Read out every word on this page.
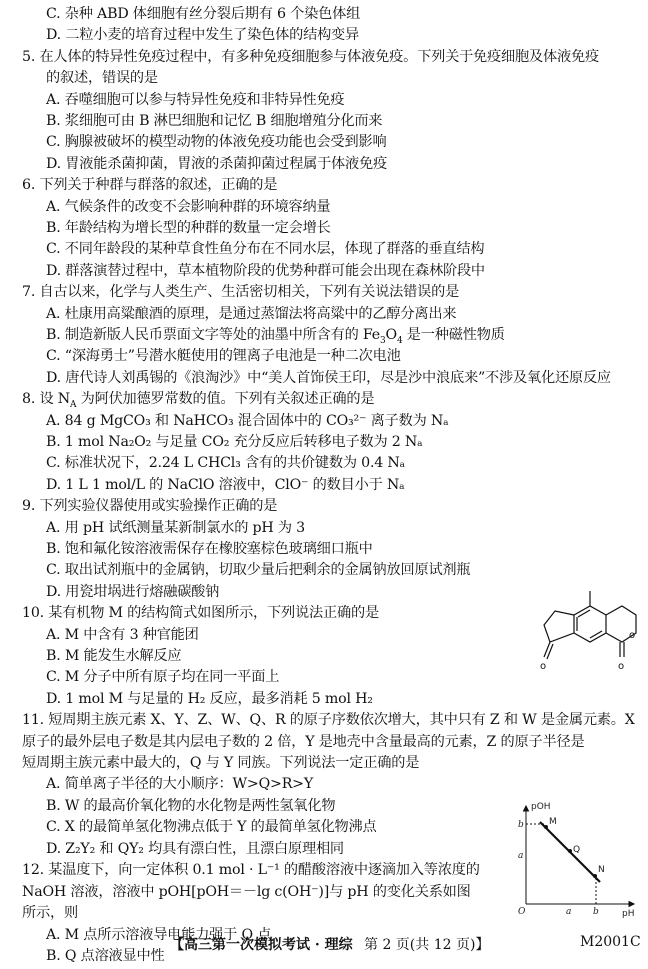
C. 杂种 ABD 体细胞有丝分裂后期有 6 个染色体组
D. 二粒小麦的培育过程中发生了染色体的结构变异
5. 在人体的特异性免疫过程中，有多种免疫细胞参与体液免疫。下列关于免疫细胞及体液免疫
的叙述，错误的是
A. 吞噬细胞可以参与特异性免疫和非特异性免疫
B. 浆细胞可由 B 淋巴细胞和记忆 B 细胞增殖分化而来
C. 胸腺被破坏的模型动物的体液免疫功能也会受到影响
D. 胃液能杀菌抑菌，胃液的杀菌抑菌过程属于体液免疫
6. 下列关于种群与群落的叙述，正确的是
A. 气候条件的改变不会影响种群的环境容纳量
B. 年龄结构为增长型的种群的数量一定会增长
C. 不同年龄段的某种草食性鱼分布在不同水层，体现了群落的垂直结构
D. 群落演替过程中，草本植物阶段的优势种群可能会出现在森林阶段中
7. 自古以来，化学与人类生产、生活密切相关，下列有关说法错误的是
A. 杜康用高粱酿酒的原理，是通过蒸馏法将高粱中的乙醇分离出来
B. 制造新版人民币票面文字等处的油墨中所含有的 $Fe_3O_4$ 是一种磁性物质
C. “深海勇士”号潜水艇使用的锂离子电池是一种二次电池
D. 唐代诗人刘禹锡的《浪淘沙》中“美人首饰侯王印，尽是沙中浪底来”不涉及氧化还原反应
8. 设 $N_A$ 为阿伏加德罗常数的值。下列有关叙述正确的是
A. 84 g MgCO₃ 和 NaHCO₃ 混合固体中的 CO₃²⁻ 离子数为 Nₐ
B. 1 mol Na₂O₂ 与足量 CO₂ 充分反应后转移电子数为 2 Nₐ
C. 标准状况下，2.24 L CHCl₃ 含有的共价键数为 0.4 Nₐ
D. 1 L 1 mol/L 的 NaClO 溶液中，ClO⁻ 的数目小于 Nₐ
9. 下列实验仪器使用或实验操作正确的是
A. 用 pH 试纸测量某新制氯水的 pH 为 3
B. 饱和氟化铵溶液需保存在橡胶塞棕色玻璃细口瓶中
C. 取出试剂瓶中的金属钠，切取少量后把剩余的金属钠放回原试剂瓶
D. 用瓷坩埚进行熔融碳酸钠
10. 某有机物 M 的结构简式如图所示，下列说法正确的是
A. M 中含有 3 种官能团
B. M 能发生水解反应
C. M 分子中所有原子均在同一平面上
D. 1 mol M 与足量的 H₂ 反应，最多消耗 5 mol H₂
o
o	o
11. 短周期主族元素 X、Y、Z、W、Q、R 的原子序数依次增大，其中只有 Z 和 W 是金属元素。X
原子的最外层电子数是其内层电子数的 2 倍，Y 是地壳中含量最高的元素，Z 的原子半径是
短周期主族元素中最大的，Q 与 Y 同族。下列说法一定正确的是
A. 简单离子半径的大小顺序：W>Q>R>Y
B. W 的最高价氧化物的水化物是两性氢氧化物
C. X 的最简单氢化物沸点低于 Y 的最简单氢化物沸点
D. Z₂Y₂ 和 QY₂ 均具有漂白性，且漂白原理相同
12. 某温度下，向一定体积 0.1 mol · L⁻¹ 的醋酸溶液中逐滴加入等浓度的
NaOH 溶液，溶液中 pOH[pOH＝－lg c(OH⁻)]与 pH 的变化关系如图
所示，则
A. M 点所示溶液导电能力强于 Q 点
B. Q 点溶液显中性
【高三第一次模拟考试 · 理综 第 2 页(共 12 页)】	M2001C
pOH
pH
O
b
a
a b
M
Q
N
